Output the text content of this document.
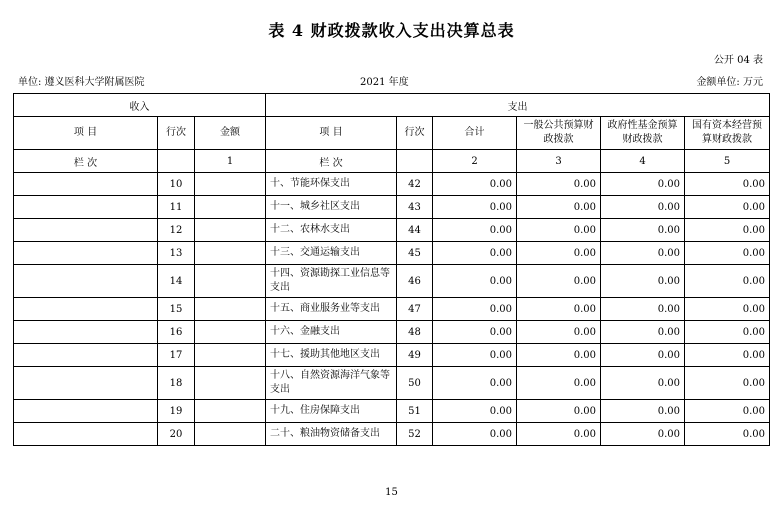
表 4 财政拨款收入支出决算总表
公开 04 表
单位: 遵义医科大学附属医院	2021 年度	金额单位: 万元
收入			支出					
项 目	行次	金额	项 目	行次	合计	一般公共预算财政拨款	政府性基金预算财政拨款	国有资本经营预算财政拨款
栏 次		1	栏 次		2	3	4	5
	10		十、节能环保支出	42	0.00	0.00	0.00	0.00
	11		十一、城乡社区支出	43	0.00	0.00	0.00	0.00
	12		十二、农林水支出	44	0.00	0.00	0.00	0.00
	13		十三、交通运输支出	45	0.00	0.00	0.00	0.00
	14		十四、资源勘探工业信息等支出	46	0.00	0.00	0.00	0.00
	15		十五、商业服务业等支出	47	0.00	0.00	0.00	0.00
	16		十六、金融支出	48	0.00	0.00	0.00	0.00
	17		十七、援助其他地区支出	49	0.00	0.00	0.00	0.00
	18		十八、自然资源海洋气象等支出	50	0.00	0.00	0.00	0.00
	19		十九、住房保障支出	51	0.00	0.00	0.00	0.00
	20		二十、粮油物资储备支出	52	0.00	0.00	0.00	0.00
15
